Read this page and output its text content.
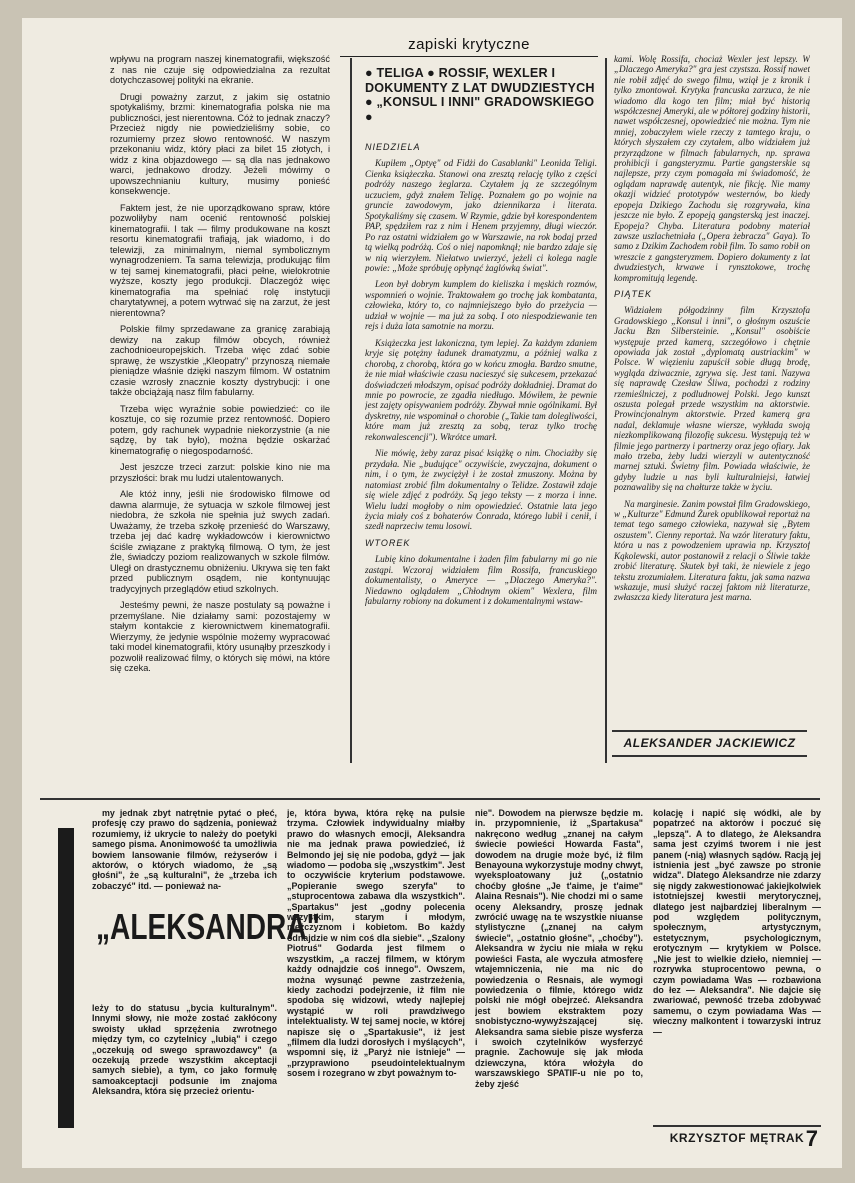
wpływu na program naszej kinematografii, większość z nas nie czuje się odpowiedzialna za rezultat dotychczasowej polityki na ekranie.

Drugi poważny zarzut, z jakim się ostatnio spotykaliśmy, brzmi: kinematografia polska nie ma publiczności, jest nierentowna. Cóż to jednak znaczy? Przecież nigdy nie powiedzieliśmy sobie, co rozumiemy przez słowo rentowność. W naszym przekonaniu widz, który płaci za bilet 15 złotych, i widz z kina objazdowego — są dla nas jednakowo warci, jednakowo drodzy. Jeżeli mówimy o upowszechnianiu kultury, musimy ponieść konsekwencje.

Faktem jest, że nie uporządkowano spraw, które pozwoliłyby nam ocenić rentowność polskiej kinematografii. I tak — filmy produkowane na koszt resortu kinematografii trafiają, jak wiadomo, i do telewizji, za minimalnym, niemal symbolicznym wynagrodzeniem. Ta sama telewizja, produkując film w tej samej kinematografii, płaci pełne, wielokrotnie wyższe, koszty jego produkcji. Dlaczegóż więc kinematografia ma spełniać rolę instytucji charytatywnej, a potem wytrwać się na zarzut, że jest nierentowna?

Polskie filmy sprzedawane za granicę zarabiają dewizy na zakup filmów obcych, również zachodnioeuropejskich. Trzeba więc zdać sobie sprawę, że wszystkie „Kleopatry" przynoszą niemałe pieniądze właśnie dzięki naszym filmom. W ostatnim czasie wzrosły znacznie koszty dystrybucji: i one także obciążają nasz film fabularny.

Trzeba więc wyraźnie sobie powiedzieć: co ile kosztuje, co się rozumie przez rentowność. Dopiero potem, gdy rachunek wypadnie niekorzystnie (a nie sądzę, by tak było), można będzie oskarżać kinematografię o niegospodarność.

Jest jeszcze trzeci zarzut: polskie kino nie ma przyszłości: brak mu ludzi utalentowanych.

Ale któż inny, jeśli nie środowisko filmowe od dawna alarmuje, że sytuacja w szkole filmowej jest niedobra, że szkoła nie spełnia już swych zadań. Uważamy, że trzeba szkołę przenieść do Warszawy, trzeba jej dać kadrę wykładowców i kierownictwo ściśle związane z praktyką filmową. O tym, że jest źle, świadczy poziom realizowanych w szkole filmów. Uległ on drastycznemu obniżeniu. Ukrywa się ten fakt przed publicznym osądem, nie kontynuując tradycyjnych przeglądów etiud szkolnych.

Jesteśmy pewni, że nasze postulaty są poważne i przemyślane. Nie działamy sami: pozostajemy w stałym kontakcie z kierownictwem kinematografii. Wierzymy, że jedynie wspólnie możemy wypracować taki model kinematografii, który usunąłby przeszkody i pozwolił realizować filmy, o których się mówi, na które się czeka.

zapiski krytyczne
● TELIGA ● ROSSIF, WEXLER I DOKUMENTY Z LAT DWUDZIESTYCH ● „KONSUL I INNI" GRADOWSKIEGO ●

NIEDZIELA

Kupiłem „Optyę" od Fidżi do Casablanki" Leonida Teligi. Cienka książeczka. Stanowi ona zresztą relację tylko z części podróży naszego żeglarza. Czytałem ją ze szczególnym uczuciem, gdyż znałem Teligę. Poznałem go po wojnie na gruncie zawodowym, jako dziennikarza i literata. Spotykaliśmy się czasem. W Rzymie, gdzie był korespondentem PAP, spędziłem raz z nim i Henem przyjemny, długi wieczór. Po raz ostatni widziałem go w Warszawie, na rok bodaj przed tą wielką podróżą. Coś o niej napomknął; nie bardzo zdaje się w nią wierzyłem. Niełatwo uwierzyć, jeżeli ci kolega nagle powie: „Może spróbuję opłynąć żaglówką świat".

Leon był dobrym kumplem do kieliszka i męskich rozmów, wspomnień o wojnie. Traktowałem go trochę jak kombatanta, człowieka, który to, co najmniejszego było do przeżycia — udział w wojnie — ma już za sobą. I oto niespodziewanie ten rejs i duża lata samotnie na morzu.

Książeczka jest lakoniczna, tym lepiej. Za każdym zdaniem kryje się potężny ładunek dramatyzmu, a później walka z chorobą, z chorobą, która go w końcu zmogła. Bardzo smutne, że nie miał właściwie czasu nacieszyć się sukcesem, przekazać doświadczeń młodszym, opisać podróży dokładniej. Dramat do mnie po powrocie, ze zgadła niedługo. Mówiłem, że pewnie jest zajęty opisywaniem podróży. Zbywał mnie ogólnikami. Był dyskretny, nie wspominał o chorobie („Takie tam dolegliwości, które mam już zresztą za sobą, teraz tylko trochę rekonwalescencji"). Wkrótce umarł.

Nie mówię, żeby zaraz pisać książkę o nim. Chociażby się przydała. Nie „budujące" oczywiście, zwyczajna, dokument o nim, i o tym, że zwyciężył i że został zmuszony. Można by natomiast zrobić film dokumentalny o Telidze. Zostawił zdaje się wiele zdjęć z podróży. Są jego teksty — z morza i inne. Wielu ludzi mogłoby o nim opowiedzieć. Ostatnie lata jego życia miały coś z bohaterów Conrada, którego lubił i cenił, i szedł naprzeciw temu losowi.

WTOREK

Lubię kino dokumentalne i żaden film fabularny mi go nie zastąpi. Wczoraj widziałem film Rossifa, francuskiego dokumentalisty, o Ameryce — „Dlaczego Ameryka?". Niedawno oglądałem „Chłodnym okiem" Wexlera, film fabularny robiony na dokument i z dokumentalnymi wstaw-

kami. Wolę Rossifa, chociaż Wexler jest lepszy. W „Dlaczego Ameryka?" gra jest czystsza. Rossif nawet nie robił zdjęć do swego filmu, wziął je z kronik i tylko zmontował. Krytyka francuska zarzuca, że nie wiadomo dla kogo ten film; miał być historią współczesnej Ameryki, ale w półtorej godziny historii, nawet współczesnej, opowiedzieć nie można. Tym nie mniej, zobaczyłem wiele rzeczy z tamtego kraju, o których słyszałem czy czytałem, albo widziałem już przyrządzone w filmach fabularnych, np. sprawa prohibicji i gangsteryzmu. Partie gangsterskie są najlepsze, przy czym pomagała mi świadomość, że oglądam naprawdę autentyk, nie fikcję. Nie mamy okazji widzieć prototypów westernów, bo kiedy epopeja Dzikiego Zachodu się rozgrywała, kina jeszcze nie było. Z epopeją gangsterską jest inaczej. Epopeja? Chyba. Literatura podobny materiał zawsze uszlachetniała („Opera żebracza" Gaya). To samo z Dzikim Zachodem robił film. To samo robił on wreszcie z gangsteryzmem. Dopiero dokumenty z lat dwudziestych, krwawe i rynsztokowe, trochę kompromitują legendę.

PIĄTEK

Widziałem półgodzinny film Krzysztofa Gradowskiego „Konsul i inni", o głośnym oszuście Jacku Bzn Silbersteinie. „Konsul" osobiście występuje przed kamerą, szczegółowo i chętnie opowiada jak został „dyplomatą austriackim" w Polsce. W więzieniu zapuścił sobie długą brodę, wygląda dziwacznie, zgrywa się. Jest tani. Nazywa się naprawdę Czesław Śliwa, pochodzi z rodziny rzemieślniczej, z podludnowej Polski. Jego kunszt oszusta polegał przede wszystkim na aktorstwie. Prowincjonalnym aktorstwie. Przed kamerą gra nadal, deklamuje własne wiersze, wykłada swoją niezkomplikowaną filozofię sukcesu. Występują też w filmie jego partnerzy i partnerzy oraz jego ofiary. Jak mało trzeba, żeby ludzi wierzyli w autentyczność marnej sztuki. Świetny film. Powiada właściwie, że gdyby ludzie u nas byli kulturalniejsi, łatwiej poznawaliby się na chałturze także w życiu.

Na marginesie. Zanim powstał film Gradowskiego, w „Kulturze" Edmund Żurek opublikował reportaż na temat tego samego człowieka, nazywał się „Bytem oszustem". Cienny reportaż. Na wzór literatury faktu, która u nas z powodzeniem uprawia np. Krzysztof Kąkolewski, autor postanowił z relacji o Śliwie także zrobić literaturę. Skutek był taki, że niewiele z jego tekstu zrozumiałem. Literatura faktu, jak sama nazwa wskazuje, musi służyć raczej faktom niż literaturze, zwłaszcza kiedy literatura jest marna.

ALEKSANDER JACKIEWICZ

my jednak zbyt natrętnie pytać o płeć, profesję czy prawo do sądzenia, ponieważ rozumiemy, iż ukrycie to należy do poetyki samego pisma. Anonimowość ta umożliwia bowiem lansowanie filmów, reżyserów i aktorów, o których wiadomo, że „są głośni", że „są kulturalni", że „trzeba ich zobaczyć" itd. — ponieważ na-

„ALEKSANDRA"

leży to do statusu „bycia kulturalnym". Innymi słowy, nie może zostać zakłócony swoisty układ sprzężenia zwrotnego między tym, co czytelnicy „lubią" i czego „oczekują od swego sprawozdawcy" (a oczekują przede wszystkim akceptacji samych siebie), a tym, co jako formułę samoakceptacji podsunie im znajoma Aleksandra, która się przecież orientu-

je, która bywa, która rękę na pulsie trzyma. Człowiek indywidualny miałby prawo do własnych emocji, Aleksandra nie ma jednak prawa powiedzieć, iż Belmondo jej się nie podoba, gdyż — jak wiadomo — podoba się „wszystkim". Jest to oczywiście kryterium podstawowe. „Popieranie swego szeryfa" to „stuprocentowa zabawa dla wszystkich". „Spartakus" jest „godny polecenia wszystkim, starym i młodym, mężczyznom i kobietom. Bo każdy odnajdzie w nim coś dla siebie". „Szalony Piotruś" Godarda jest filmem o wszystkim, „a raczej filmem, w którym każdy odnajdzie coś innego". Owszem, można wysunąć pewne zastrzeżenia, kiedy zachodzi podejrzenie, iż film nie spodoba się widzowi, wtedy najlepiej wystąpić w roli prawdziwego intelektualisty. W tej samej nocie, w której napisze się o „Spartakusie", iż jest „filmem dla ludzi dorosłych i myślących", wspomni się, iż „Paryż nie istnieje" — „przyprawiono pseudointelektualnym sosem i rozegrano w zbyt poważnym to-

nie". Dowodem na pierwsze będzie m. in. przypomnienie, iż „Spartakusa" nakręcono według „znanej na całym świecie powieści Howarda Fasta", dowodem na drugie może być, iż film Benayouna wykorzystuje modny chwyt, wyeksploatowany już („ostatnio choćby głośne „Je t'aime, je t'aime" Alaina Resnais"). Nie chodzi mi o same oceny Aleksandry, proszę jednak zwrócić uwagę na te wszystkie niuanse stylistyczne („znanej na całym świecie", „ostatnio głośne", „choćby"). Aleksandra w życiu nie miała w ręku powieści Fasta, ale wyczuła atmosferę wtajemniczenia, nie ma nic do powiedzenia o Resnais, ale wymogi powiedzenia o filmie, którego widz polski nie mógł obejrzeć. Aleksandra jest bowiem ekstraktem pozy snobistyczno-wywyższającej się. Aleksandra sama siebie pisze wysferza i swoich czytelników wysferzyć pragnie. Zachowuje się jak młoda dziewczyna, która włożyła do warszawskiego SPATIF-u nie po to, żeby zjeść

kolację i napić się wódki, ale by popatrzeć na aktorów i poczuć się „lepszą". A to dlatego, że Aleksandra sama jest czyimś tworem i nie jest panem (-nią) własnych sądów. Racją jej istnienia jest „być zawsze po stronie widza". Dlatego Aleksandrze nie zdarzy się nigdy zakwestionować jakiejkolwiek istotniejszej kwestii merytorycznej, dlatego jest najbardziej liberalnym — pod względem politycznym, społecznym, artystycznym, estetycznym, psychologicznym, erotycznym — krytykiem w Polsce. „Nie jest to wielkie dzieło, niemniej — rozrywka stuprocentowo pewna, o czym powiadama Was — rozbawiona do łez — Aleksandra". Nie dajcie się zwariować, pewność trzeba zdobywać samemu, o czym powiadama Was — wieczny malkontent i towarzyski intruz —

KRZYSZTOF MĘTRAK 7
